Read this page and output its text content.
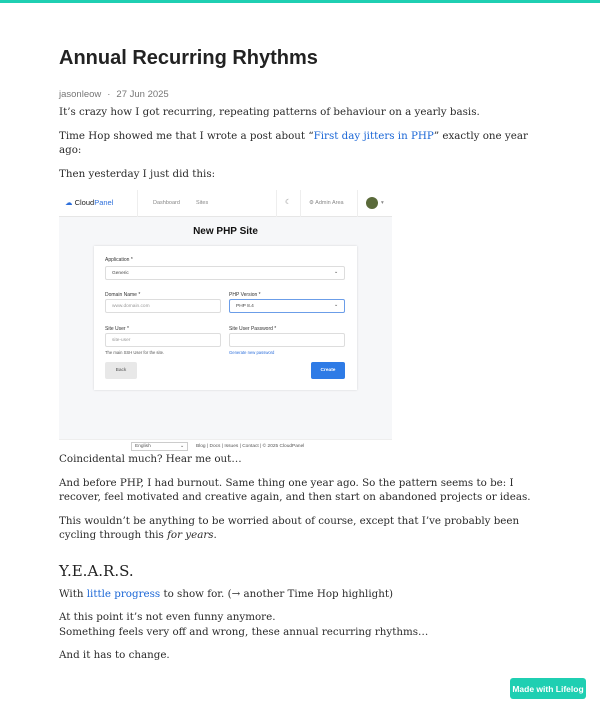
Annual Recurring Rhythms
jasonleow · 27 Jun 2025

It’s crazy how I got recurring, repeating patterns of behaviour on a yearly basis.

Time Hop showed me that I wrote a post about “First day jitters in PHP” exactly one year ago:

Then yesterday I just did this:

☁ CloudPanel	Dashboard	Sites	☾	⚙ Admin Area	▾
New PHP Site
Application *
Generic	⌄
Domain Name *
www.domain.com
PHP Version *
PHP 8.4	⌄
Site User *
site-user
The main SSH User for the site.
Site User Password *
Generate new password
Back	Create
English	⌄	Blog | Docs | Issues | Contact | © 2025 CloudPanel

Coincidental much? Hear me out…

And before PHP, I had burnout. Same thing one year ago. So the pattern seems to be: I recover, feel motivated and creative again, and then start on abandoned projects or ideas.

This wouldn’t be anything to be worried about of course, except that I’ve probably been cycling through this for years.

Y.E.A.R.S.

With little progress to show for. (→ another Time Hop highlight)

At this point it’s not even funny anymore.
Something feels very off and wrong, these annual recurring rhythms…

And it has to change.

Made with Lifelog
